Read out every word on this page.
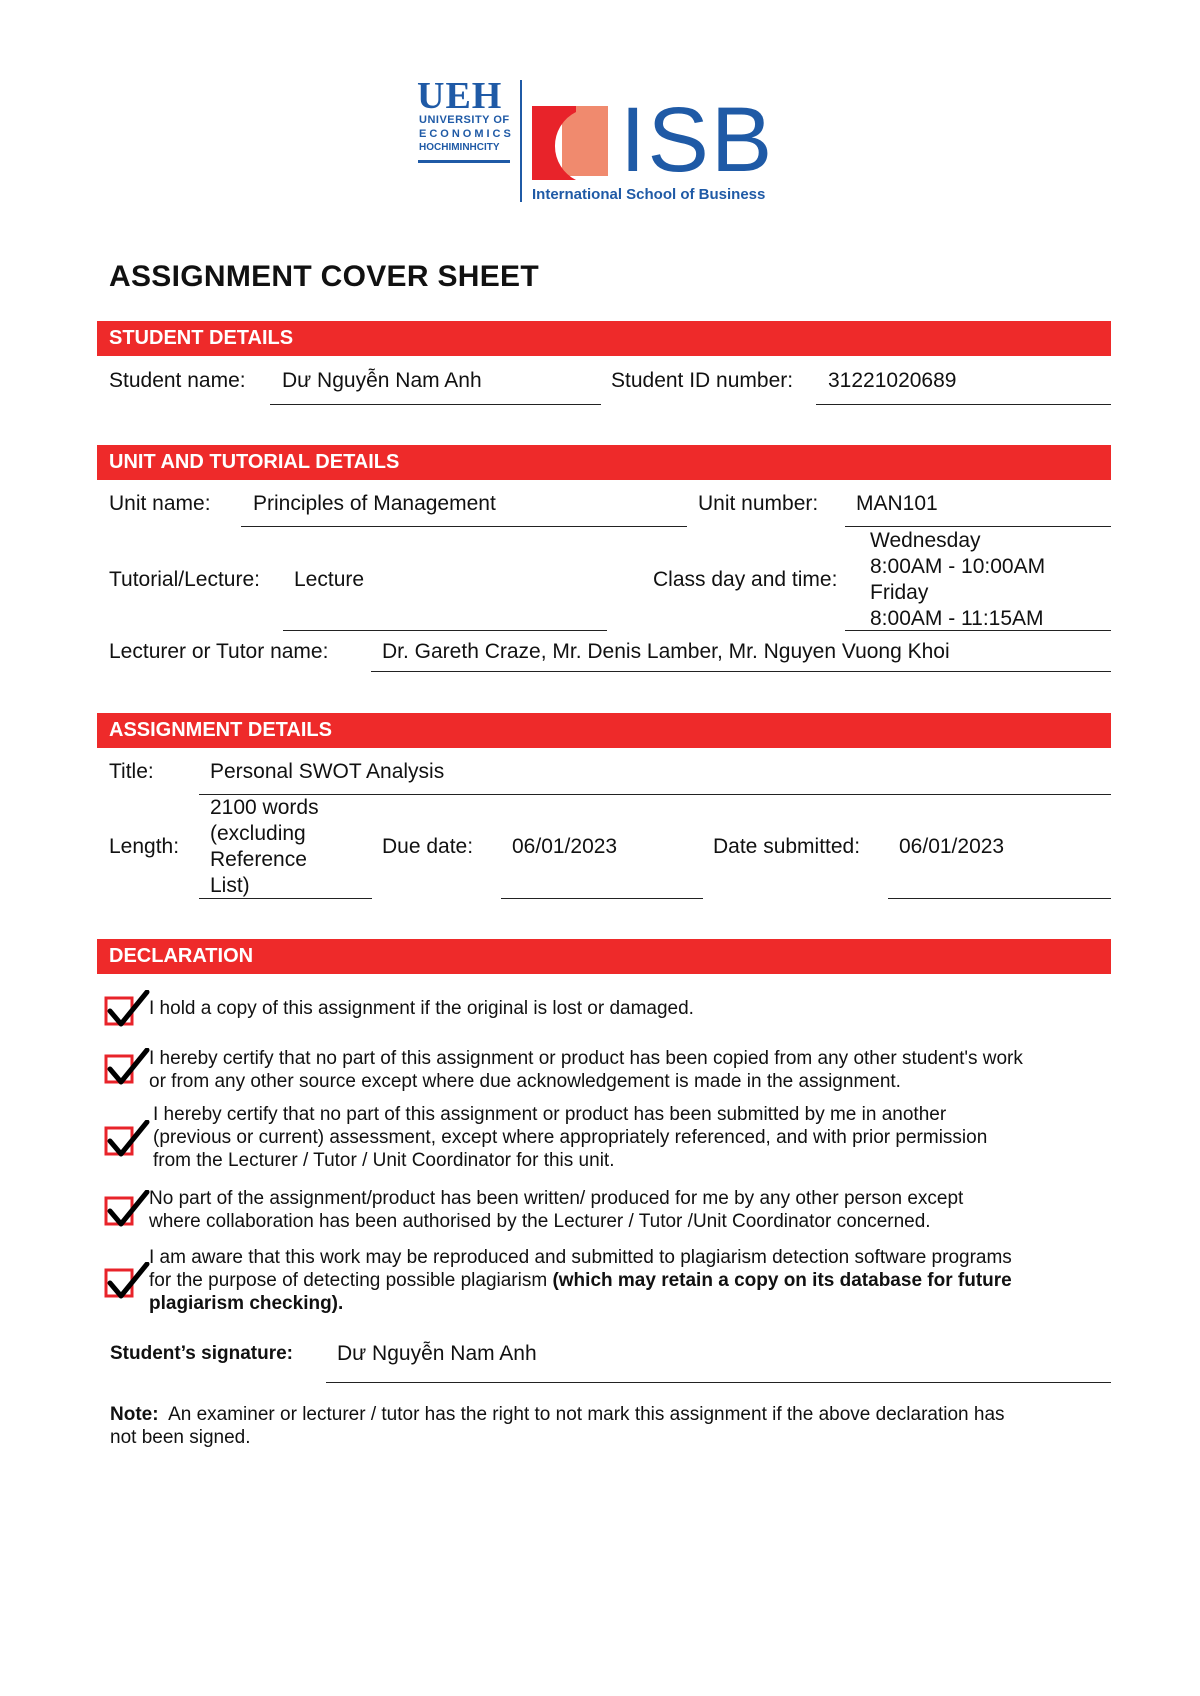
UEH
UNIVERSITY OF
ECONOMICS
HOCHIMINHCITY ISB
International School of Business
ASSIGNMENT COVER SHEET
STUDENT DETAILS
Student name: Dư Nguyễn Nam Anh	Student ID number: 31221020689
UNIT AND TUTORIAL DETAILS
Unit name: Principles of Management	Unit number: MAN101
Tutorial/Lecture: Lecture	Class day and time:
Wednesday
8:00AM - 10:00AM
Friday
8:00AM - 11:15AM
Lecturer or Tutor name:	Dr. Gareth Craze, Mr. Denis Lamber, Mr. Nguyen Vuong Khoi
ASSIGNMENT DETAILS
Title:	Personal SWOT Analysis
Length:
2100 words
(excluding
Reference
List)
Due date: 06/01/2023	Date submitted: 06/01/2023
DECLARATION
I hold a copy of this assignment if the original is lost or damaged.
I hereby certify that no part of this assignment or product has been copied from any other student's work
or from any other source except where due acknowledgement is made in the assignment.
I hereby certify that no part of this assignment or product has been submitted by me in another
(previous or current) assessment, except where appropriately referenced, and with prior permission
from the Lecturer / Tutor / Unit Coordinator for this unit.
No part of the assignment/product has been written/ produced for me by any other person except
where collaboration has been authorised by the Lecturer / Tutor /Unit Coordinator concerned.
I am aware that this work may be reproduced and submitted to plagiarism detection software programs
for the purpose of detecting possible plagiarism (which may retain a copy on its database for future
plagiarism checking).
Student’s signature: Dư Nguyễn Nam Anh
Note: An examiner or lecturer / tutor has the right to not mark this assignment if the above declaration has
not been signed.
